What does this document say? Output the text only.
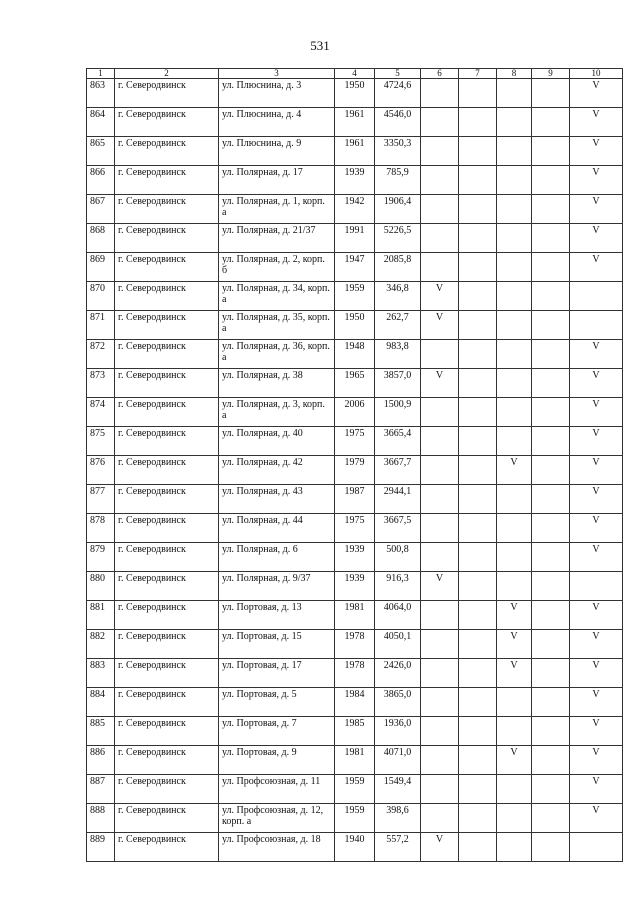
531
1	2	3	4	5	6	7	8	9	10
863	г. Северодвинск	ул. Плюснина, д. 3	1950	4724,6					V
864	г. Северодвинск	ул. Плюснина, д. 4	1961	4546,0					V
865	г. Северодвинск	ул. Плюснина, д. 9	1961	3350,3					V
866	г. Северодвинск	ул. Полярная, д. 17	1939	785,9					V
867	г. Северодвинск	ул. Полярная, д. 1, корп. а	1942	1906,4					V
868	г. Северодвинск	ул. Полярная, д. 21/37	1991	5226,5					V
869	г. Северодвинск	ул. Полярная, д. 2, корп. б	1947	2085,8					V
870	г. Северодвинск	ул. Полярная, д. 34, корп. а	1959	346,8	V				
871	г. Северодвинск	ул. Полярная, д. 35, корп. а	1950	262,7	V				
872	г. Северодвинск	ул. Полярная, д. 36, корп. а	1948	983,8					V
873	г. Северодвинск	ул. Полярная, д. 38	1965	3857,0	V				V
874	г. Северодвинск	ул. Полярная, д. 3, корп. а	2006	1500,9					V
875	г. Северодвинск	ул. Полярная, д. 40	1975	3665,4					V
876	г. Северодвинск	ул. Полярная, д. 42	1979	3667,7			V		V
877	г. Северодвинск	ул. Полярная, д. 43	1987	2944,1					V
878	г. Северодвинск	ул. Полярная, д. 44	1975	3667,5					V
879	г. Северодвинск	ул. Полярная, д. 6	1939	500,8					V
880	г. Северодвинск	ул. Полярная, д. 9/37	1939	916,3	V				
881	г. Северодвинск	ул. Портовая, д. 13	1981	4064,0			V		V
882	г. Северодвинск	ул. Портовая, д. 15	1978	4050,1			V		V
883	г. Северодвинск	ул. Портовая, д. 17	1978	2426,0			V		V
884	г. Северодвинск	ул. Портовая, д. 5	1984	3865,0					V
885	г. Северодвинск	ул. Портовая, д. 7	1985	1936,0					V
886	г. Северодвинск	ул. Портовая, д. 9	1981	4071,0			V		V
887	г. Северодвинск	ул. Профсоюзная, д. 11	1959	1549,4					V
888	г. Северодвинск	ул. Профсоюзная, д. 12, корп. а	1959	398,6					V
889	г. Северодвинск	ул. Профсоюзная, д. 18	1940	557,2	V				
